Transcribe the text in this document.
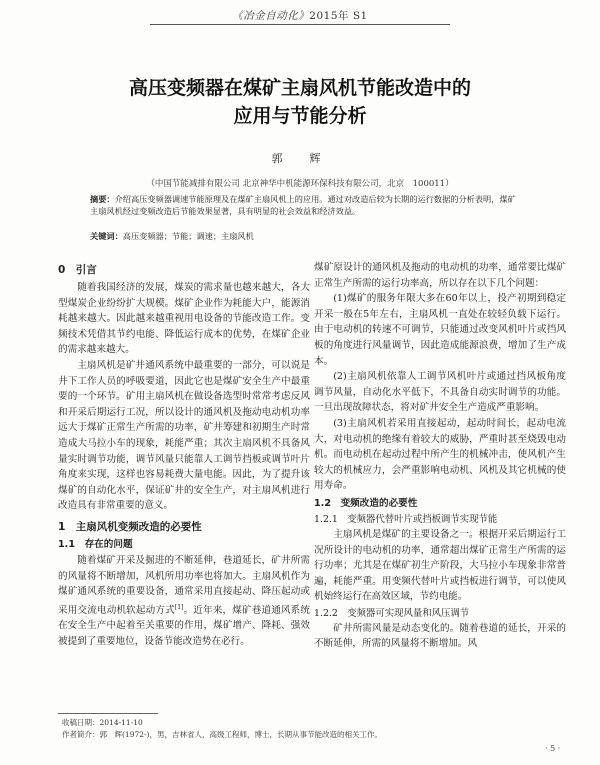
《冶金自动化》2015年 S1
高压变频器在煤矿主扇风机节能改造中的
应用与节能分析
郭　辉
（中国节能减排有限公司 北京神华中机能源环保科技有限公司，北京　100011）
摘要：介绍高压变频器调速节能原理及在煤矿主扇风机上的应用。通过对改造后较为长期的运行数据的分析表明，煤矿主扇风机经过变频改造后节能效果显著，具有明显的社会效益和经济效益。
关键词：高压变频器；节能；调速；主扇风机
0　引言

随着我国经济的发展，煤炭的需求量也越来越大，各大型煤炭企业纷纷扩大规模。煤矿企业作为耗能大户，能源消耗越来越大。因此越来越重视用电设备的节能改造工作。变频技术凭借其节约电能、降低运行成本的优势，在煤矿企业的需求越来越大。

主扇风机是矿井通风系统中最重要的一部分，可以说是井下工作人员的呼吸要道，因此它也是煤矿安全生产中最重要的一个环节。矿用主扇风机在做设备选型时常常考虑反风和开采后期运行工况，所以设计的通风机及拖动电动机功率远大于煤矿正常生产所需的功率，矿井筹建和初期生产时常造成大马拉小车的现象，耗能严重；其次主扇风机不具备风量实时调节功能，调节风量只能靠人工调节挡板或调节叶片角度来实现，这样也容易耗费大量电能。因此，为了提升该煤矿的自动化水平，保证矿井的安全生产，对主扇风机进行改造具有非常重要的意义。

1　主扇风机变频改造的必要性
1.1　存在的问题

随着煤矿开采及掘进的不断延伸，巷道延长，矿井所需的风量将不断增加，风机所用功率也将加大。主扇风机作为煤矿通风系统的重要设备，通常采用直接起动、降压起动或采用交流电动机软起动方式[1]。近年来，煤矿巷道通风系统在安全生产中起着至关重要的作用，煤矿增产、降耗、强效被提到了重要地位，设备节能改造势在必行。

煤矿原设计的通风机及拖动的电动机的功率，通常要比煤矿正常生产所需的运行功率高，所以存在以下几个问题：

(1)煤矿的服务年限大多在60年以上，投产初期到稳定开采一般在5年左右，主扇风机一直处在较轻负载下运行。由于电动机的转速不可调节，只能通过改变风机叶片或挡风板的角度进行风量调节，因此造成能源浪费，增加了生产成本。

(2)主扇风机依靠人工调节风机叶片或通过挡风板角度调节风量，自动化水平低下，不具备自动实时调节的功能。一旦出现故障状态，将对矿井安全生产造成严重影响。

(3)主扇风机若采用直接起动，起动时间长，起动电流大，对电动机的绝缘有着较大的威胁，严重时甚至烧毁电动机。而电动机在起动过程中所产生的机械冲击，使风机产生较大的机械应力，会严重影响电动机、风机及其它机械的使用寿命。

1.2　变频改造的必要性
1.2.1　变频器代替叶片或挡板调节实现节能

主扇风机是煤矿的主要设备之一。根据开采后期运行工况所设计的电动机的功率，通常超出煤矿正常生产所需的运行功率；尤其是在煤矿初生产阶段，大马拉小车现象非常普遍，耗能严重。用变频代替叶片或挡板进行调节，可以使风机始终运行在高效区域，节约电能。

1.2.2　变频器可实现风量和风压调节

矿井所需风量是动态变化的。随着巷道的延长，开采的不断延伸，所需的风量将不断增加。风

收稿日期：2014-11-10
作者简介：郭　辉(1972-)，男，吉林省人，高级工程师，博士，长期从事节能改造的相关工作。
· 5 ·
